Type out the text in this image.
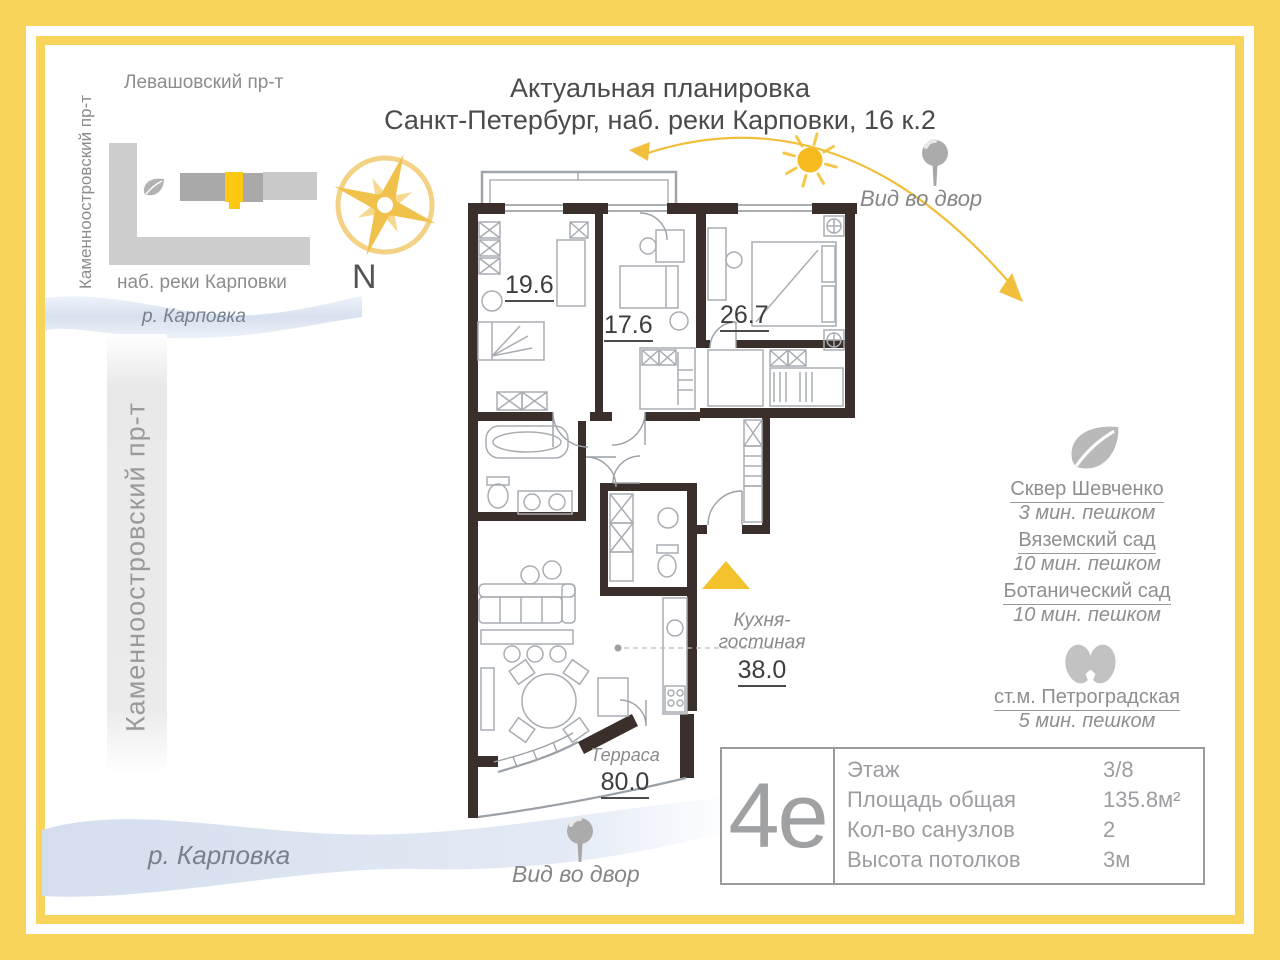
Актуальная планировка
Санкт-Петербург, наб. реки Карповки, 16 к.2
Левашовский пр-т
Каменноостровский пр-т наб. реки Карповки
р. Карповка
Каменноостровский пр-т
р. Карповка
N
Вид во двор
Вид во двор
19.6
17.6	26.7
Кухня-
гостиная
38.0
Терраса
80.0
Сквер Шевченко
3 мин. пешком
Вяземский сад
10 мин. пешком
Ботанический сад
10 мин. пешком
ст.м. Петроградская
5 мин. пешком
4е Этаж	3/8
Площадь общая	135.8м²
Кол-во санузлов	2
Высота потолков	3м
